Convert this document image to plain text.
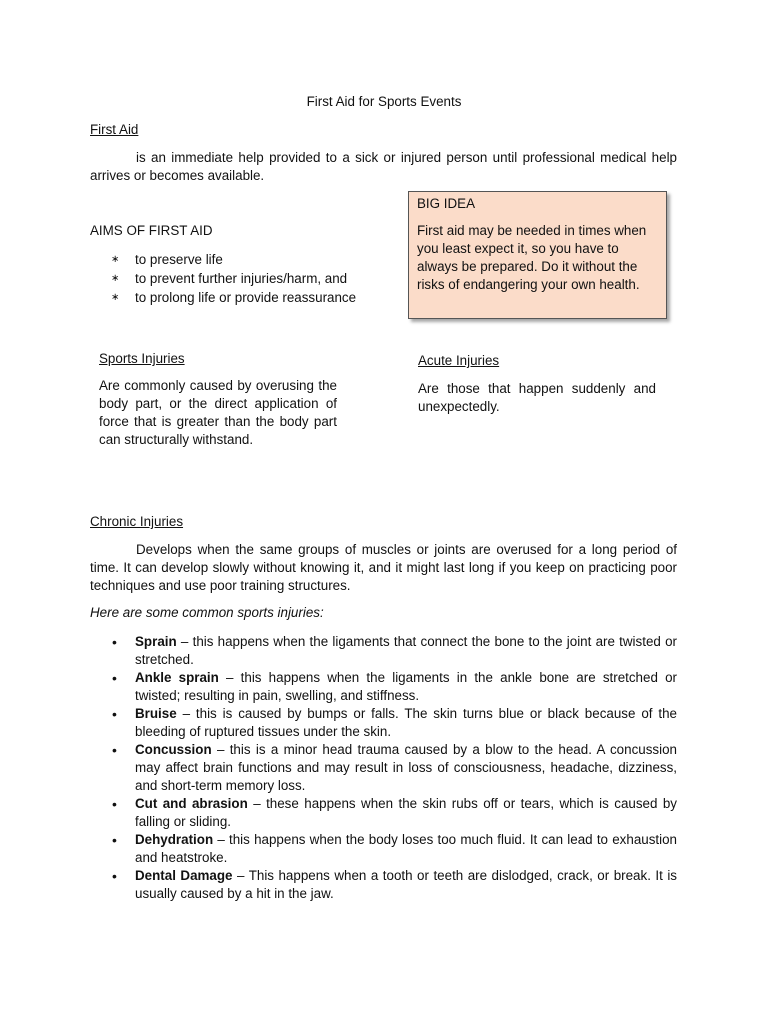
First Aid for Sports Events
First Aid
is an immediate help provided to a sick or injured person until professional medical help arrives or becomes available.
AIMS OF FIRST AID
∗ to preserve life
∗ to prevent further injuries/harm, and
∗ to prolong life or provide reassurance
BIG IDEA
First aid may be needed in times when you least expect it, so you have to always be prepared. Do it without the risks of endangering your own health.
Sports Injuries
Are commonly caused by overusing the body part, or the direct application of force that is greater than the body part can structurally withstand.
Acute Injuries
Are those that happen suddenly and unexpectedly.
Chronic Injuries
Develops when the same groups of muscles or joints are overused for a long period of time. It can develop slowly without knowing it, and it might last long if you keep on practicing poor techniques and use poor training structures.
Here are some common sports injuries:
• Sprain – this happens when the ligaments that connect the bone to the joint are twisted or stretched.
• Ankle sprain – this happens when the ligaments in the ankle bone are stretched or twisted; resulting in pain, swelling, and stiffness.
• Bruise – this is caused by bumps or falls. The skin turns blue or black because of the bleeding of ruptured tissues under the skin.
• Concussion – this is a minor head trauma caused by a blow to the head. A concussion may affect brain functions and may result in loss of consciousness, headache, dizziness, and short-term memory loss.
• Cut and abrasion – these happens when the skin rubs off or tears, which is caused by falling or sliding.
• Dehydration – this happens when the body loses too much fluid. It can lead to exhaustion and heatstroke.
• Dental Damage – This happens when a tooth or teeth are dislodged, crack, or break. It is usually caused by a hit in the jaw.
